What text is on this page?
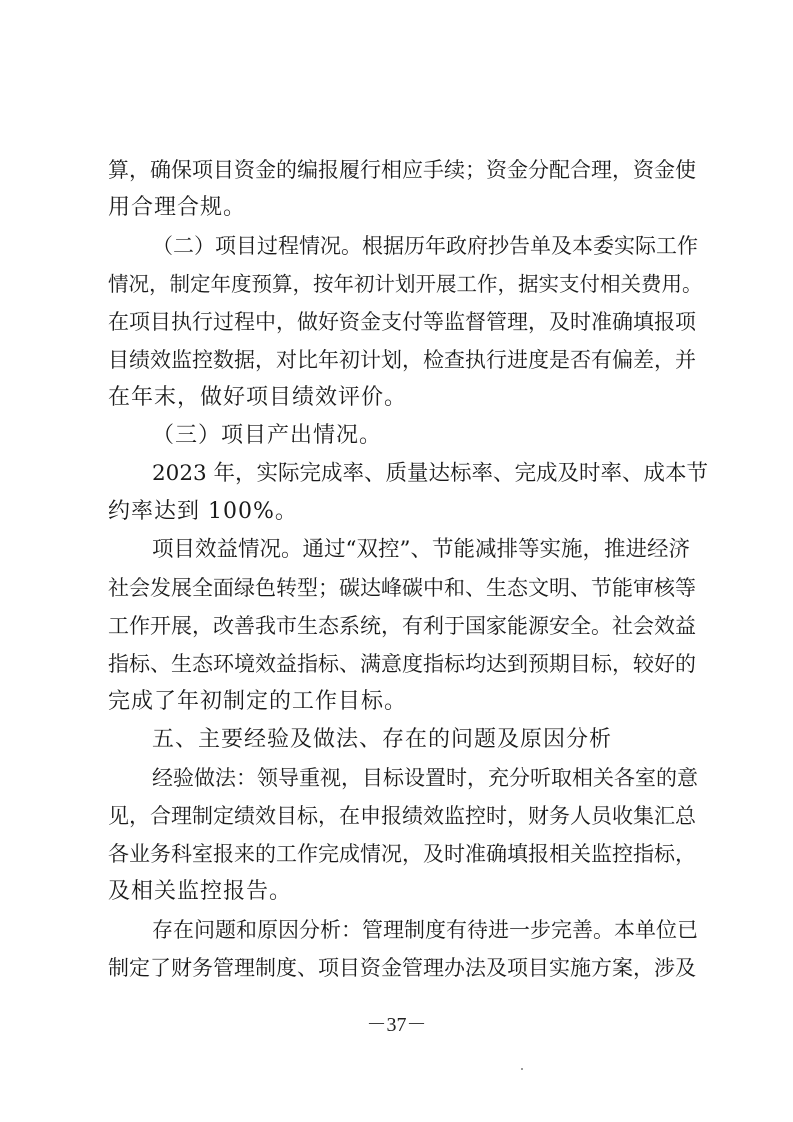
算，确保项目资金的编报履行相应手续；资金分配合理，资金使
用合理合规。
（二）项目过程情况。根据历年政府抄告单及本委实际工作
情况，制定年度预算，按年初计划开展工作，据实支付相关费用。
在项目执行过程中，做好资金支付等监督管理，及时准确填报项
目绩效监控数据，对比年初计划，检查执行进度是否有偏差，并
在年末，做好项目绩效评价。
（三）项目产出情况。
2023 年，实际完成率、质量达标率、完成及时率、成本节
约率达到 100%。
项目效益情况。通过“双控”、节能减排等实施，推进经济
社会发展全面绿色转型；碳达峰碳中和、生态文明、节能审核等
工作开展，改善我市生态系统，有利于国家能源安全。社会效益
指标、生态环境效益指标、满意度指标均达到预期目标，较好的
完成了年初制定的工作目标。
五、主要经验及做法、存在的问题及原因分析
经验做法：领导重视，目标设置时，充分听取相关各室的意
见，合理制定绩效目标，在申报绩效监控时，财务人员收集汇总
各业务科室报来的工作完成情况，及时准确填报相关监控指标，
及相关监控报告。
存在问题和原因分析：管理制度有待进一步完善。本单位已
制定了财务管理制度、项目资金管理办法及项目实施方案，涉及
－37－
